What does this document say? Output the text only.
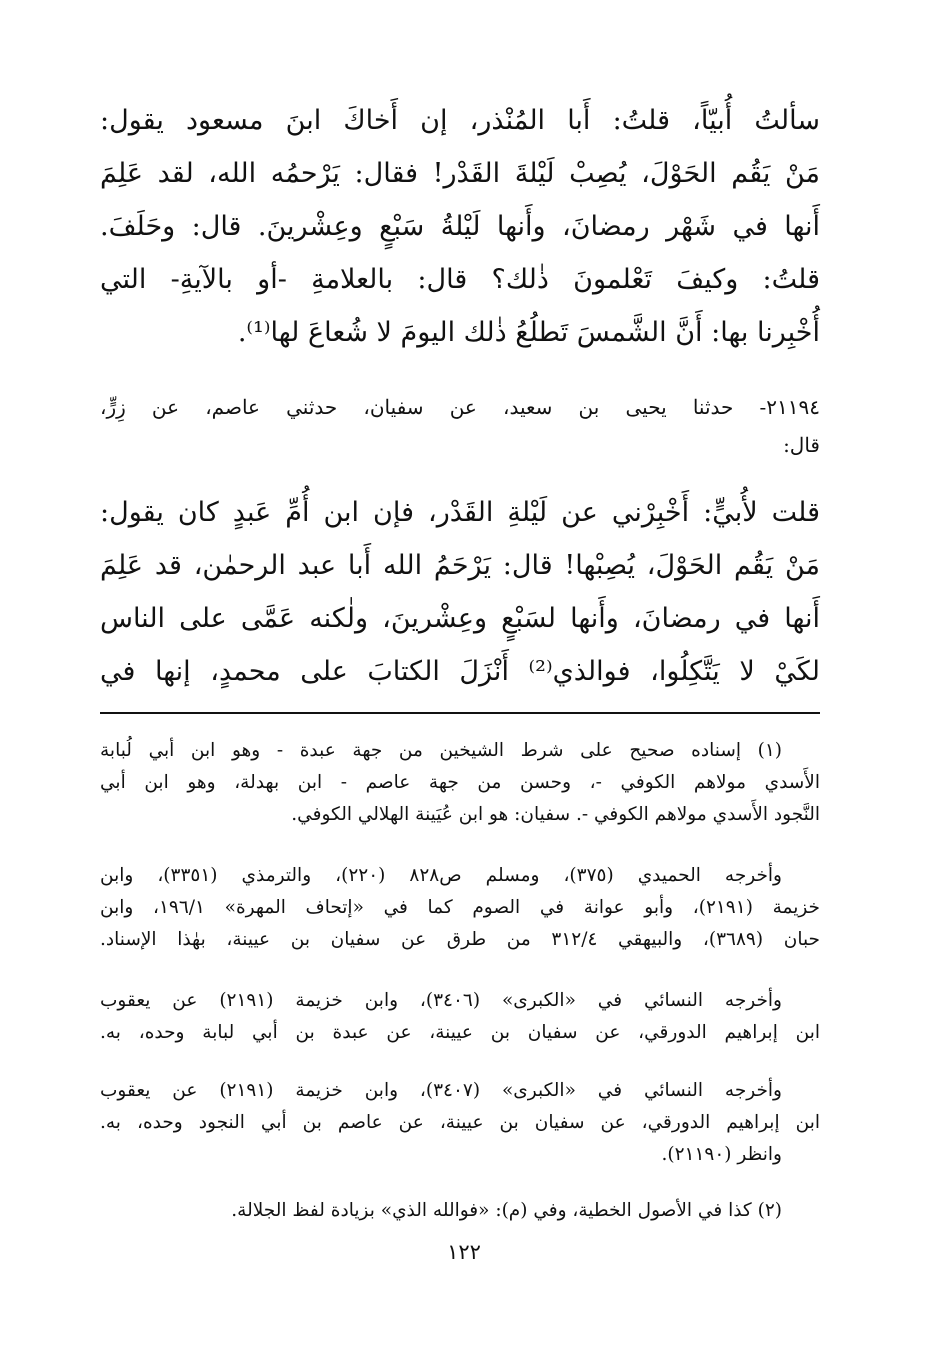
سألتُ أُبيّاً، قلتُ: أَبا المُنْذر، إن أَخاكَ ابنَ مسعود يقول:
مَنْ يَقُم الحَوْلَ، يُصِبْ لَيْلةَ القَدْر! فقال: يَرْحمُه الله، لقد عَلِمَ
أَنها في شَهْر رمضانَ، وأَنها لَيْلةُ سَبْعٍ وعِشْرينَ. قال: وحَلَفَ.
قلتُ: وكيفَ تَعْلمونَ ذٰلك؟ قال: بالعلامةِ -أو بالآيةِ- التي
أُخْبِرنا بها: أَنَّ الشَّمسَ تَطلُعُ ذٰلك اليومَ لا شُعاعَ لها⁽¹⁾.
٢١١٩٤- حدثنا يحيى بن سعيد، عن سفيان، حدثني عاصم، عن زِرٍّ،
قال:
قلت لأُبيٍّ: أَخْبِرْني عن لَيْلةِ القَدْر، فإن ابن أُمِّ عَبدٍ كان يقول:
مَنْ يَقُم الحَوْلَ، يُصِبْها! قال: يَرْحَمُ الله أَبا عبد الرحمٰن، قد عَلِمَ
أَنها في رمضانَ، وأَنها لسَبْعٍ وعِشْرينَ، ولٰكنه عَمَّى على الناس
لكَيْ لا يَتَّكِلُوا، فوالذي⁽²⁾ أَنْزَلَ الكتابَ على محمدٍ، إنها في
(١) إسناده صحيح على شرط الشيخين من جهة عبدة - وهو ابن أبي لُبابة
الأَسدي مولاهم الكوفي -، وحسن من جهة عاصم - ابن بهدلة، وهو ابن أبي
النَّجود الأَسدي مولاهم الكوفي -. سفيان: هو ابن عُيَينة الهلالي الكوفي.
وأخرجه الحميدي (٣٧٥)، ومسلم ص٨٢٨ (٢٢٠)، والترمذي (٣٣٥١)، وابن
خزيمة (٢١٩١)، وأبو عوانة في الصوم كما في «إتحاف المهرة» ١٩٦/١، وابن
حبان (٣٦٨٩)، والبيهقي ٣١٢/٤ من طرق عن سفيان بن عيينة، بهٰذا الإسناد.
وأخرجه النسائي في «الكبرى» (٣٤٠٦)، وابن خزيمة (٢١٩١) عن يعقوب
ابن إبراهيم الدورقي، عن سفيان بن عيينة، عن عبدة بن أبي لبابة وحده، به.
وأخرجه النسائي في «الكبرى» (٣٤٠٧)، وابن خزيمة (٢١٩١) عن يعقوب
ابن إبراهيم الدورقي، عن سفيان بن عيينة، عن عاصم بن أبي النجود وحده، به.
وانظر (٢١١٩٠).
(٢) كذا في الأصول الخطية، وفي (م): «فوالله الذي» بزيادة لفظ الجلالة.
١٢٢
